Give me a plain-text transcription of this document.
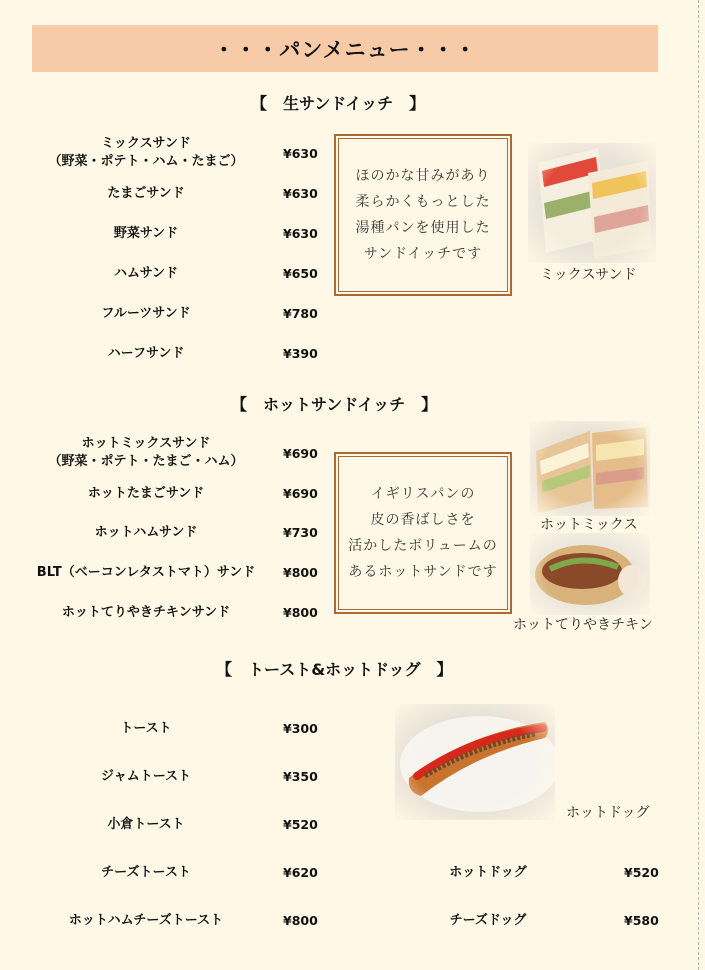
・・・パンメニュー・・・
【　生サンドイッチ　】
ミックスサンド
（野菜・ポテト・ハム・たまご）
¥630
たまごサンド	¥630
野菜サンド	¥630
ハムサンド	¥650
フルーツサンド	¥780
ハーフサンド	¥390
ほのかな甘みがあり
柔らかくもっとした
湯種パンを使用した
サンドイッチです
ミックスサンド
【　ホットサンドイッチ　】
ホットミックスサンド
（野菜・ポテト・たまご・ハム）
¥690
ホットたまごサンド	¥690
ホットハムサンド	¥730
BLT（ベーコンレタストマト）サンド ¥800
ホットてりやきチキンサンド	¥800
イギリスパンの
皮の香ばしさを
活かしたボリュームの
あるホットサンドです
ホットミックス
ホットてりやきチキン
【　トースト&ホットドッグ　】
トースト	¥300
ジャムトースト	¥350
小倉トースト	¥520
チーズトースト	¥620
ホットハムチーズトースト	¥800
ホットドッグ
ホットドッグ	¥520
チーズドッグ	¥580
